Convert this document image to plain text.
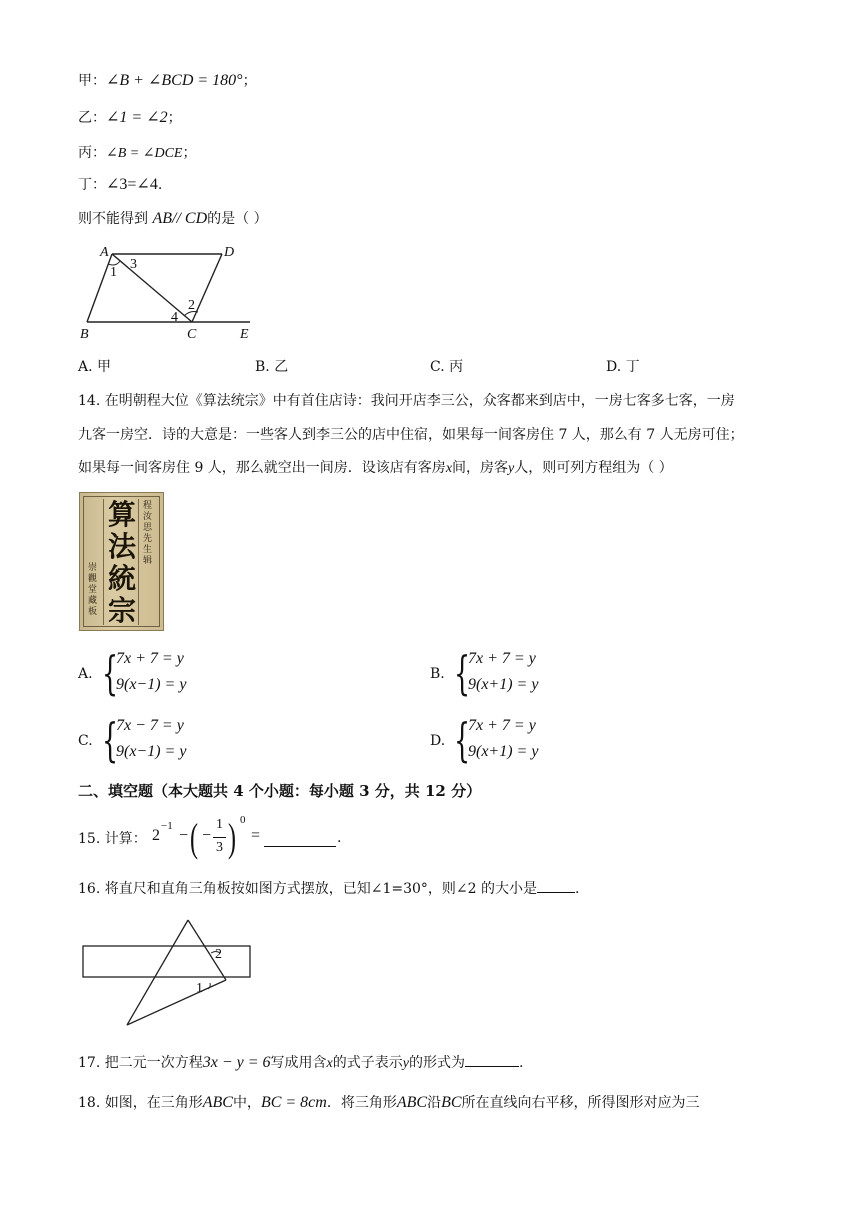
甲：∠B + ∠BCD = 180°；
乙：∠1 = ∠2；
丙：∠B = ∠DCE；
丁：∠3=∠4.
则不能得到 AB// CD的是（ ）
A	D
B	C	E
1
3
2
4
A. 甲	B. 乙	C. 丙	D. 丁
14. 在明朝程大位《算法统宗》中有首住店诗：我问开店李三公，众客都来到店中，一房七客多七客，一房
九客一房空．诗的大意是：一些客人到李三公的店中住宿，如果每一间客房住 7 人，那么有 7 人无房可住；
如果每一间客房住 9 人，那么就空出一间房．设该店有客房x间，房客y人，则可列方程组为（ ）
算
法
統
宗
程汝思先生辑
崇觀堂藏板
A. {
7x + 7 = y
9(x−1) = y
B. {
7x + 7 = y
9(x+1) = y
C. {
7x − 7 = y
9(x−1) = y
D. {
7x + 7 = y
9(x+1) = y
二、填空题（本大题共 4 个小题：每小题 3 分，共 12 分）
15. 计算： 2
−1
− ( −
1
3 ) 0
=	.
16. 将直尺和直角三角板按如图方式摆放，已知∠1=30°，则∠2 的大小是	.
2
1
17. 把二元一次方程3x − y = 6写成用含x的式子表示y的形式为	.
18. 如图，在三角形ABC中，BC = 8cm．将三角形ABC沿BC所在直线向右平移，所得图形对应为三
